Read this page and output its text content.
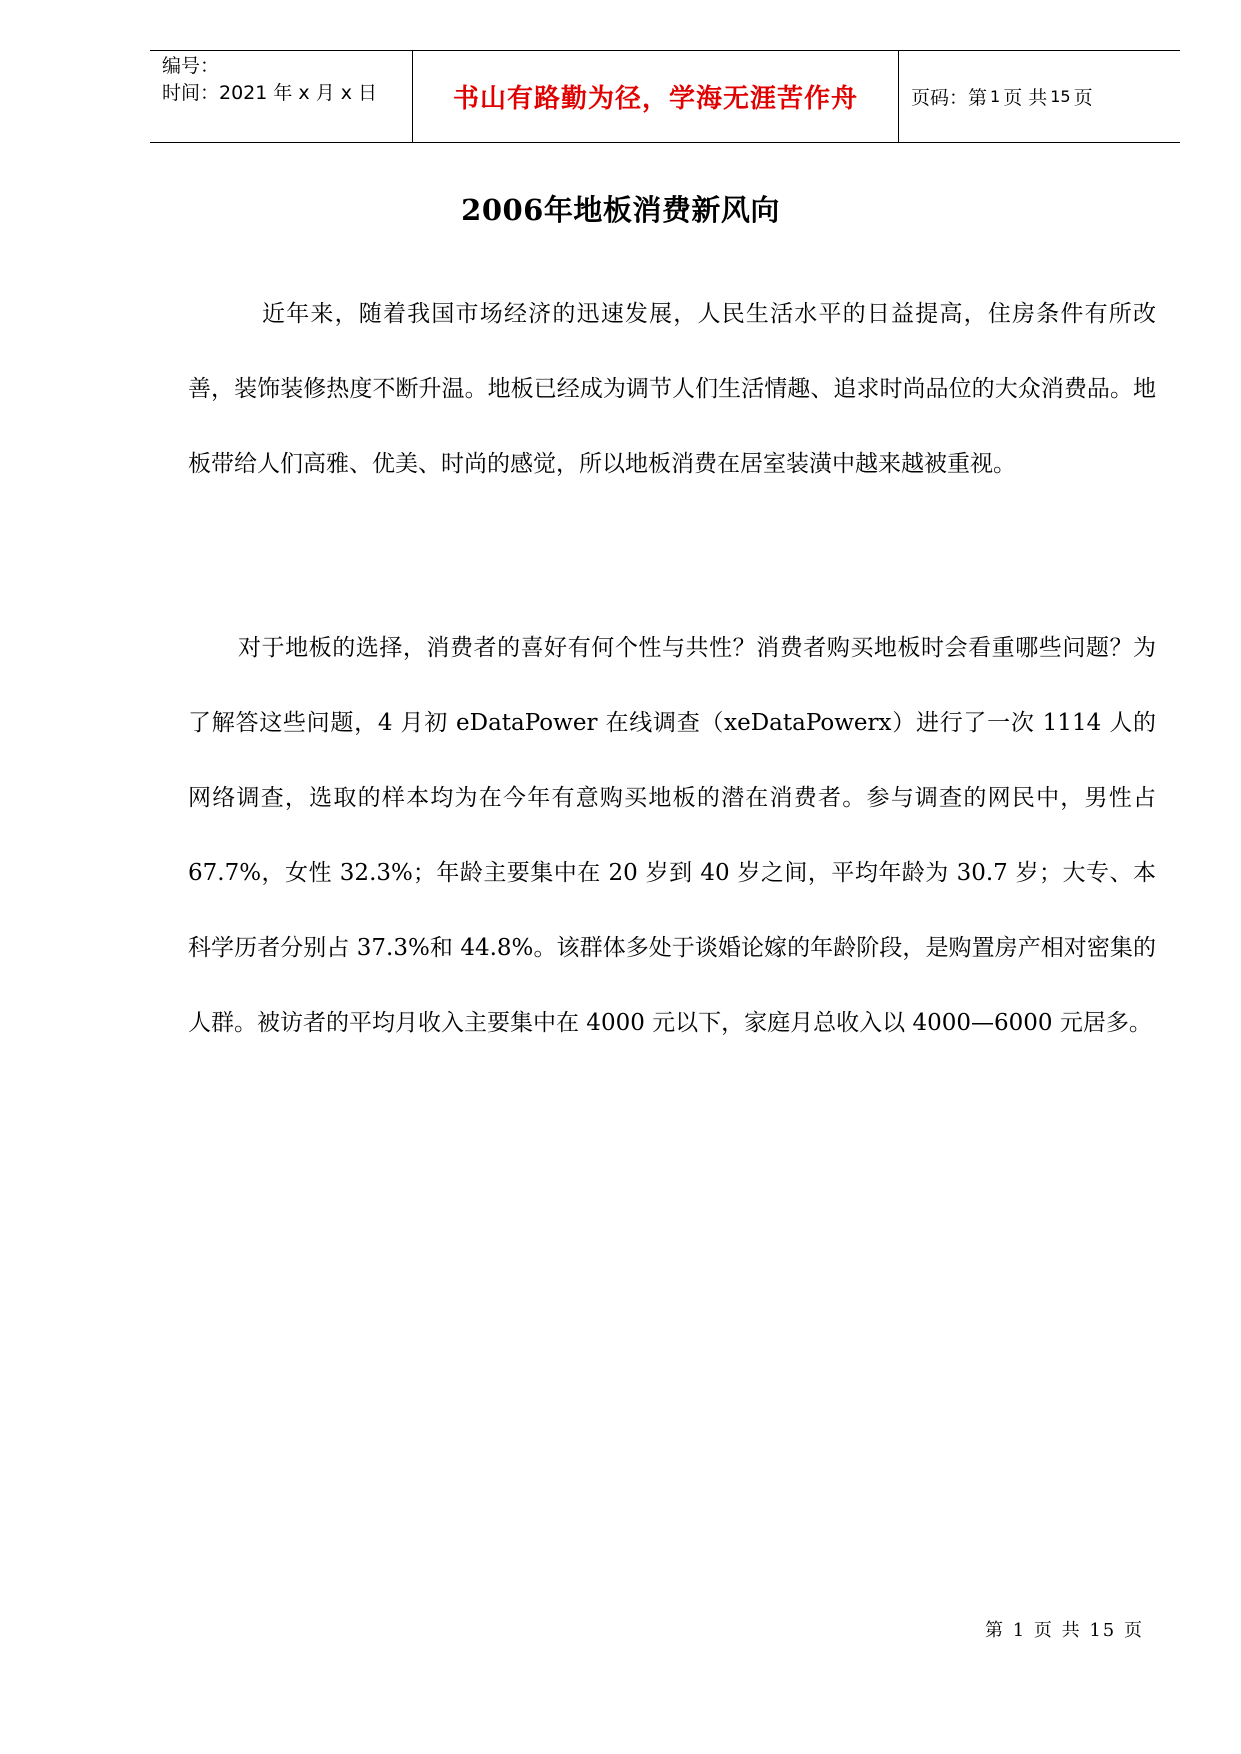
编号：
时间：2021 年 x 月 x 日	书山有路勤为径，学海无涯苦作舟	页码：第 1 页 共 15 页
2006年地板消费新风向

近年来，随着我国市场经济的迅速发展，人民生活水平的日益提高，住房条件有所改善，装饰装修热度不断升温。地板已经成为调节人们生活情趣、追求时尚品位的大众消费品。地板带给人们高雅、优美、时尚的感觉，所以地板消费在居室装潢中越来越被重视。

对于地板的选择，消费者的喜好有何个性与共性？消费者购买地板时会看重哪些问题？为了解答这些问题，4 月初 eDataPower 在线调查（xeDataPowerx）进行了一次 1114 人的网络调查，选取的样本均为在今年有意购买地板的潜在消费者。参与调查的网民中，男性占 67.7%，女性 32.3%；年龄主要集中在 20 岁到 40 岁之间，平均年龄为 30.7 岁；大专、本科学历者分别占 37.3%和 44.8%。该群体多处于谈婚论嫁的年龄阶段，是购置房产相对密集的人群。被访者的平均月收入主要集中在 4000 元以下，家庭月总收入以 4000—6000 元居多。

第 1 页 共 15 页
